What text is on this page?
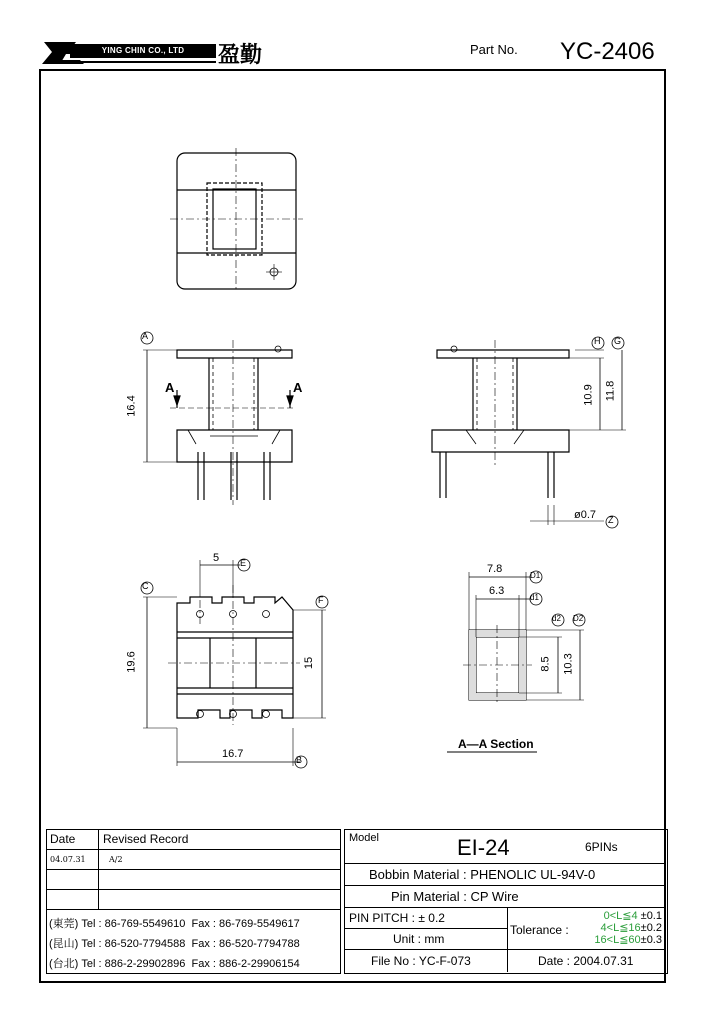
YING CHIN CO., LTD	盈勤	Part No. YC-2406
A
B
C
D1
d1
d2 D2
E
F
G
H
Z
16.4
A	A	10.9 11.8
ø0.7
5
19.6
16.7
15
7.8
6.3
8.5 10.3
A—A Section
Date	Revised Record
04.07.31	A/2
(東莞) Tel : 86-769-5549610 Fax : 86-769-5549617
(昆山) Tel : 86-520-7794588 Fax : 86-520-7794788
(台北) Tel : 886-2-29902896 Fax : 886-2-29906154
Model	EI-24	6PINs
Bobbin Material : PHENOLIC UL-94V-0
Pin Material : CP Wire
PIN PITCH : ± 0.2
Unit : mm
File No : YC-F-073
Tolerance :
0<L≦4 ±0.1
4<L≦16±0.2
16<L≦60±0.3
Date : 2004.07.31
